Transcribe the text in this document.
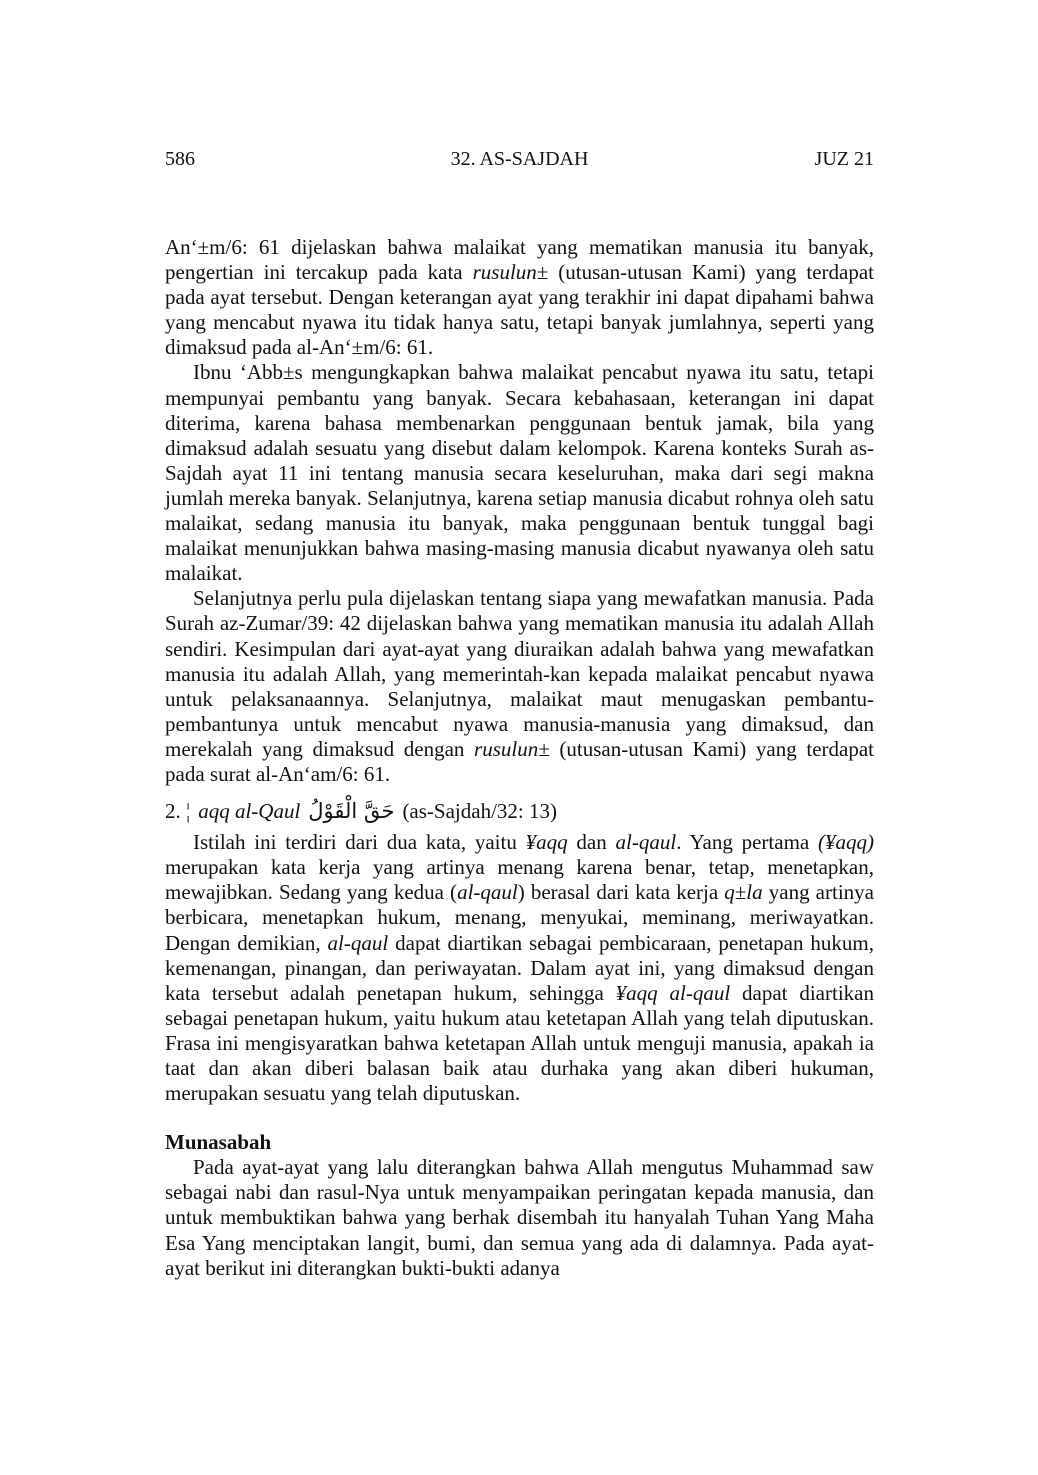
586	32. AS-SAJDAH	JUZ 21

An‘±m/6: 61 dijelaskan bahwa malaikat yang mematikan manusia itu banyak, pengertian ini tercakup pada kata rusulun± (utusan-utusan Kami) yang terdapat pada ayat tersebut. Dengan keterangan ayat yang terakhir ini dapat dipahami bahwa yang mencabut nyawa itu tidak hanya satu, tetapi banyak jumlahnya, seperti yang dimaksud pada al-An‘±m/6: 61.

Ibnu ‘Abb±s mengungkapkan bahwa malaikat pencabut nyawa itu satu, tetapi mempunyai pembantu yang banyak. Secara kebahasaan, keterangan ini dapat diterima, karena bahasa membenarkan penggunaan bentuk jamak, bila yang dimaksud adalah sesuatu yang disebut dalam kelompok. Karena konteks Surah as-Sajdah ayat 11 ini tentang manusia secara keseluruhan, maka dari segi makna jumlah mereka banyak. Selanjutnya, karena setiap manusia dicabut rohnya oleh satu malaikat, sedang manusia itu banyak, maka penggunaan bentuk tunggal bagi malaikat menunjukkan bahwa masing-masing manusia dicabut nyawanya oleh satu malaikat.

Selanjutnya perlu pula dijelaskan tentang siapa yang mewafatkan manusia. Pada Surah az-Zumar/39: 42 dijelaskan bahwa yang mematikan manusia itu adalah Allah sendiri. Kesimpulan dari ayat-ayat yang diuraikan adalah bahwa yang mewafatkan manusia itu adalah Allah, yang memerintah-kan kepada malaikat pencabut nyawa untuk pelaksanaannya. Selanjutnya, malaikat maut menugaskan pembantu-pembantunya untuk mencabut nyawa manusia-manusia yang dimaksud, dan merekalah yang dimaksud dengan rusulun± (utusan-utusan Kami) yang terdapat pada surat al-An‘am/6: 61.

2. ¦ aqq al-Qaul حَقَّ الْقَوْلُ (as-Sajdah/32: 13)

Istilah ini terdiri dari dua kata, yaitu ¥aqq dan al-qaul. Yang pertama (¥aqq) merupakan kata kerja yang artinya menang karena benar, tetap, menetapkan, mewajibkan. Sedang yang kedua (al-qaul) berasal dari kata kerja q±la yang artinya berbicara, menetapkan hukum, menang, menyukai, meminang, meriwayatkan. Dengan demikian, al-qaul dapat diartikan sebagai pembicaraan, penetapan hukum, kemenangan, pinangan, dan periwayatan. Dalam ayat ini, yang dimaksud dengan kata tersebut adalah penetapan hukum, sehingga ¥aqq al-qaul dapat diartikan sebagai penetapan hukum, yaitu hukum atau ketetapan Allah yang telah diputuskan. Frasa ini mengisyaratkan bahwa ketetapan Allah untuk menguji manusia, apakah ia taat dan akan diberi balasan baik atau durhaka yang akan diberi hukuman, merupakan sesuatu yang telah diputuskan.

Munasabah

Pada ayat-ayat yang lalu diterangkan bahwa Allah mengutus Muhammad saw sebagai nabi dan rasul-Nya untuk menyampaikan peringatan kepada manusia, dan untuk membuktikan bahwa yang berhak disembah itu hanyalah Tuhan Yang Maha Esa Yang menciptakan langit, bumi, dan semua yang ada di dalamnya. Pada ayat-ayat berikut ini diterangkan bukti-bukti adanya
